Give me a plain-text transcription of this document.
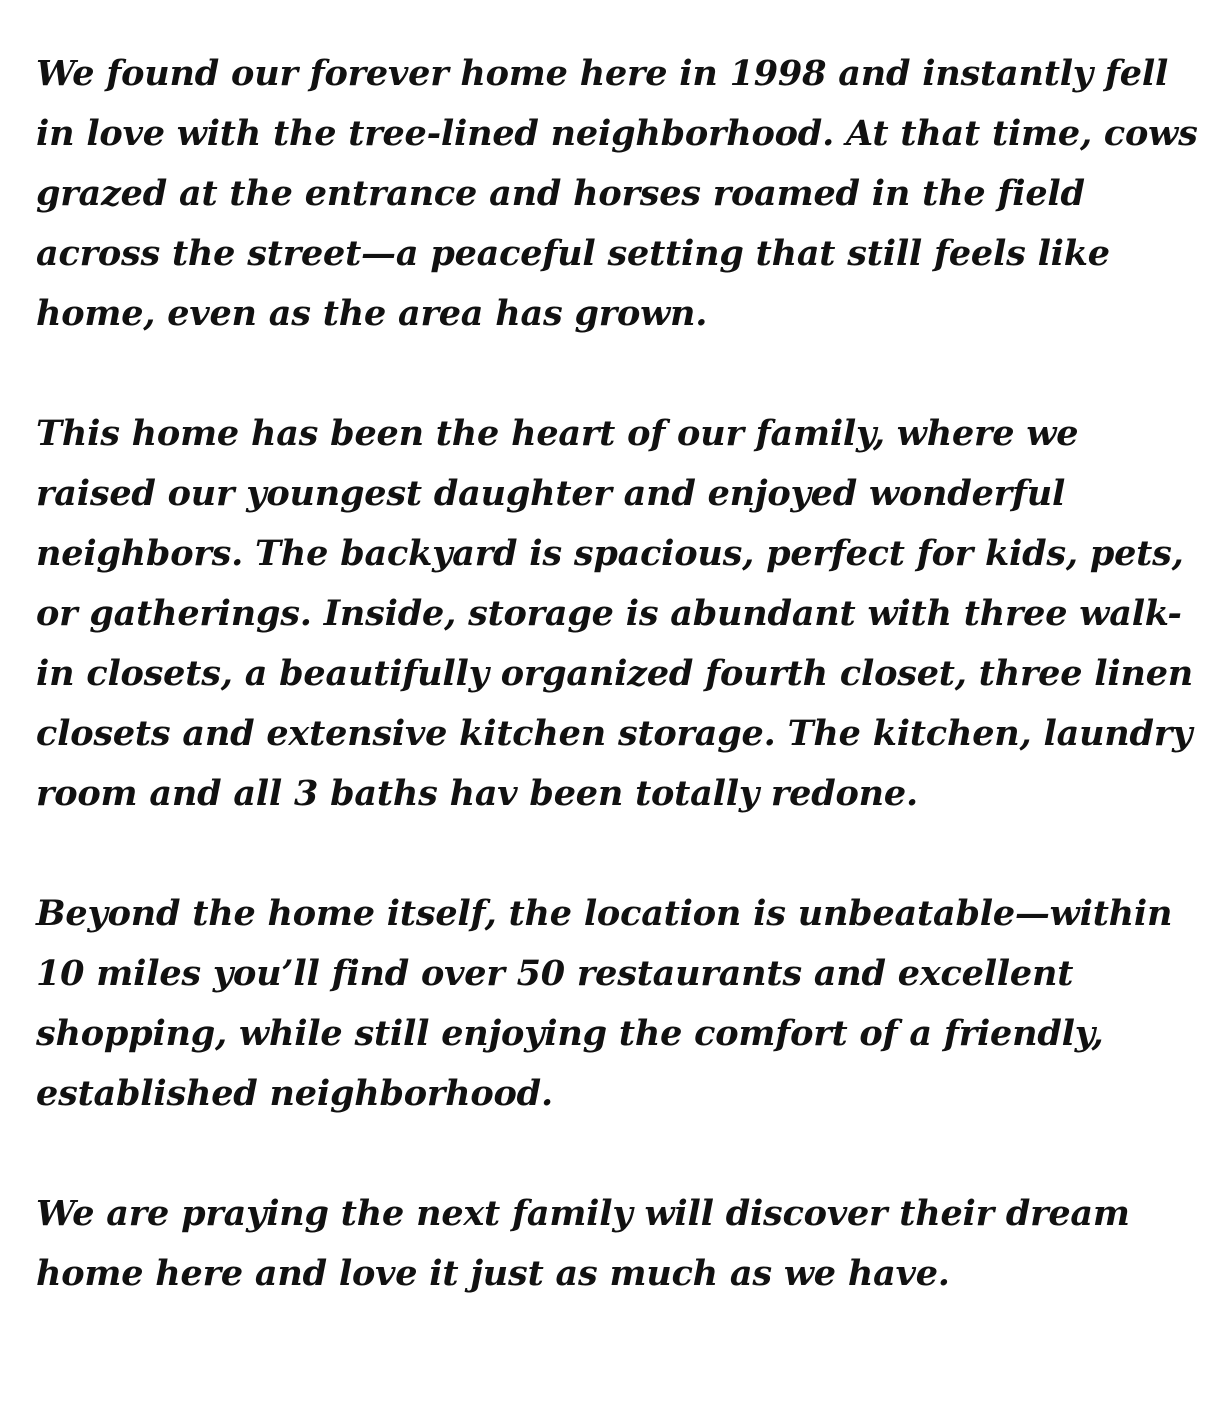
We found our forever home here in 1998 and instantly fell in love with the tree-lined neighborhood. At that time, cows grazed at the entrance and horses roamed in the field across the street—a peaceful setting that still feels like home, even as the area has grown.

This home has been the heart of our family, where we raised our youngest daughter and enjoyed wonderful neighbors. The backyard is spacious, perfect for kids, pets, or gatherings. Inside, storage is abundant with three walk-in closets, a beautifully organized fourth closet, three linen closets and extensive kitchen storage. The kitchen, laundry room and all 3 baths hav been totally redone.

Beyond the home itself, the location is unbeatable—within 10 miles you’ll find over 50 restaurants and excellent shopping, while still enjoying the comfort of a friendly, established neighborhood.

We are praying the next family will discover their dream home here and love it just as much as we have.
